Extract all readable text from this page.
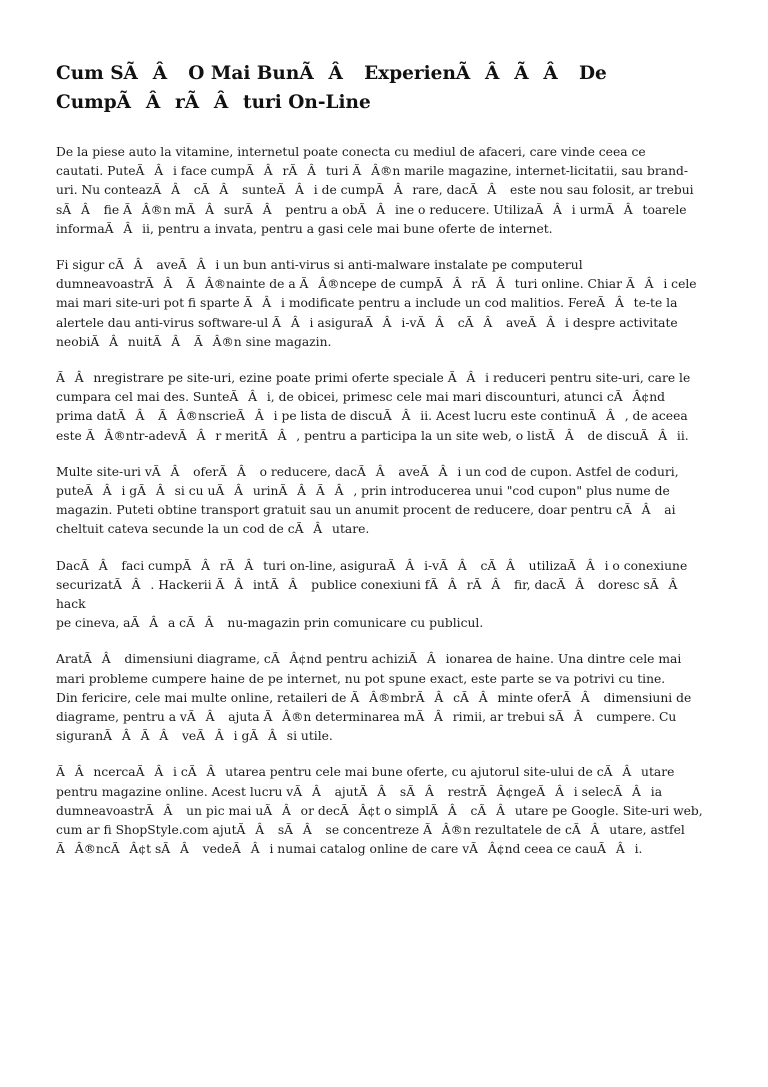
Cum SÃÂ O Mai BunÃÂ ExperienÃÂÃÂ De CumpÃÂrÃÂturi On-Line

De la piese auto la vitamine, internetul poate conecta cu mediul de afaceri, care vinde ceea ce
cautati. PuteÃÂi face cumpÃÂrÃÂturi ÃÂ®n marile magazine, internet-licitatii, sau brand-
uri. Nu conteazÃÂ cÃÂ sunteÃÂi de cumpÃÂrare, dacÃÂ este nou sau folosit, ar trebui
sÃÂ fie ÃÂ®n mÃÂsurÃÂ pentru a obÃÂine o reducere. UtilizaÃÂi urmÃÂtoarele
informaÃÂii, pentru a invata, pentru a gasi cele mai bune oferte de internet.

Fi sigur cÃÂ aveÃÂi un bun anti-virus si anti-malware instalate pe computerul
dumneavoastrÃÂ ÃÂ®nainte de a ÃÂ®ncepe de cumpÃÂrÃÂturi online. Chiar ÃÂi cele
mai mari site-uri pot fi sparte ÃÂi modificate pentru a include un cod malitios. FereÃÂte-te la
alertele dau anti-virus software-ul ÃÂi asiguraÃÂi-vÃÂ cÃÂ aveÃÂi despre activitate
neobiÃÂnuitÃÂ ÃÂ®n sine magazin.

ÃÂnregistrare pe site-uri, ezine poate primi oferte speciale ÃÂi reduceri pentru site-uri, care le
cumpara cel mai des. SunteÃÂi, de obicei, primesc cele mai mari discounturi, atunci cÃÂ¢nd
prima datÃÂ ÃÂ®nscrieÃÂi pe lista de discuÃÂii. Acest lucru este continuÃÂ, de aceea
este ÃÂ®ntr-adevÃÂr meritÃÂ, pentru a participa la un site web, o listÃÂ de discuÃÂii.

Multe site-uri vÃÂ oferÃÂ o reducere, dacÃÂ aveÃÂi un cod de cupon. Astfel de coduri,
puteÃÂi gÃÂsi cu uÃÂurinÃÂÃÂ, prin introducerea unui "cod cupon" plus nume de
magazin. Puteti obtine transport gratuit sau un anumit procent de reducere, doar pentru cÃÂ ai
cheltuit cateva secunde la un cod de cÃÂutare.

DacÃÂ faci cumpÃÂrÃÂturi on-line, asiguraÃÂi-vÃÂ cÃÂ utilizaÃÂi o conexiune
securizatÃÂ. Hackerii ÃÂintÃÂ publice conexiuni fÃÂrÃÂ fir, dacÃÂ doresc sÃÂ hack
pe cineva, aÃÂa cÃÂ nu-magazin prin comunicare cu publicul.

AratÃÂ dimensiuni diagrame, cÃÂ¢nd pentru achiziÃÂionarea de haine. Una dintre cele mai
mari probleme cumpere haine de pe internet, nu pot spune exact, este parte se va potrivi cu tine.
Din fericire, cele mai multe online, retaileri de ÃÂ®mbrÃÂcÃÂminte oferÃÂ dimensiuni de
diagrame, pentru a vÃÂ ajuta ÃÂ®n determinarea mÃÂrimii, ar trebui sÃÂ cumpere. Cu
siguranÃÂÃÂ veÃÂi gÃÂsi utile.

ÃÂncercaÃÂi cÃÂutarea pentru cele mai bune oferte, cu ajutorul site-ului de cÃÂutare
pentru magazine online. Acest lucru vÃÂ ajutÃÂ sÃÂ restrÃÂ¢ngeÃÂi selecÃÂia
dumneavoastrÃÂ un pic mai uÃÂor decÃÂ¢t o simplÃÂ cÃÂutare pe Google. Site-uri web,
cum ar fi ShopStyle.com ajutÃÂ sÃÂ se concentreze ÃÂ®n rezultatele de cÃÂutare, astfel
ÃÂ®ncÃÂ¢t sÃÂ vedeÃÂi numai catalog online de care vÃÂ¢nd ceea ce cauÃÂi.
